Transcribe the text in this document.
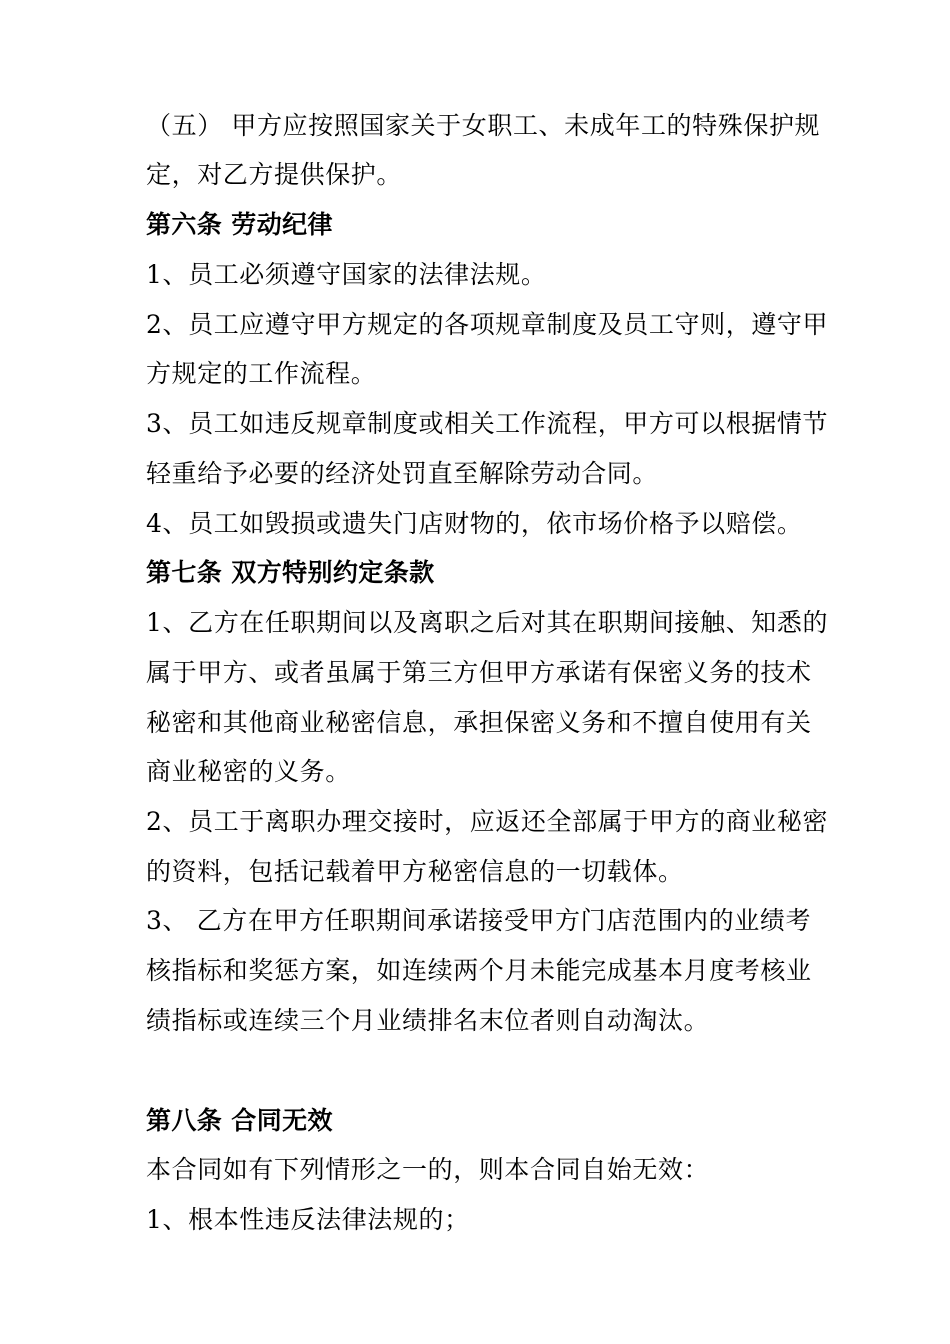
（五） 甲方应按照国家关于女职工、未成年工的特殊保护规
定，对乙方提供保护。
第六条 劳动纪律
1、员工必须遵守国家的法律法规。
2、员工应遵守甲方规定的各项规章制度及员工守则，遵守甲
方规定的工作流程。
3、员工如违反规章制度或相关工作流程，甲方可以根据情节
轻重给予必要的经济处罚直至解除劳动合同。
4、员工如毁损或遗失门店财物的，依市场价格予以赔偿。
第七条 双方特别约定条款
1、乙方在任职期间以及离职之后对其在职期间接触、知悉的
属于甲方、或者虽属于第三方但甲方承诺有保密义务的技术
秘密和其他商业秘密信息，承担保密义务和不擅自使用有关
商业秘密的义务。
2、员工于离职办理交接时，应返还全部属于甲方的商业秘密
的资料，包括记载着甲方秘密信息的一切载体。
3、 乙方在甲方任职期间承诺接受甲方门店范围内的业绩考
核指标和奖惩方案，如连续两个月未能完成基本月度考核业
绩指标或连续三个月业绩排名末位者则自动淘汰。
第八条 合同无效
本合同如有下列情形之一的，则本合同自始无效：
1、根本性违反法律法规的；
